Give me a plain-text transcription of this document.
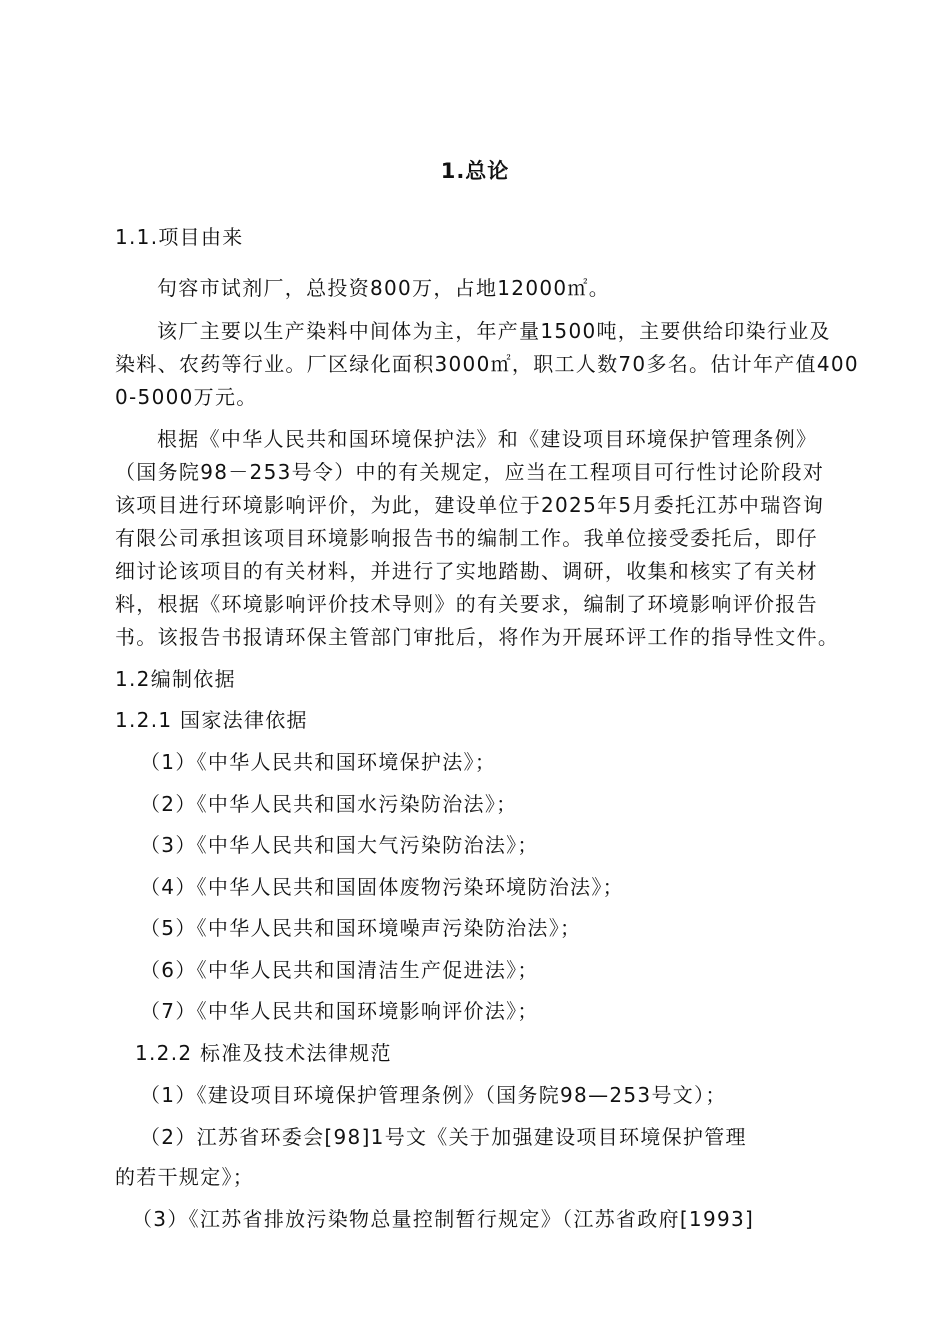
1.总论
1.1.项目由来
句容市试剂厂，总投资800万，占地12000㎡。
该厂主要以生产染料中间体为主，年产量1500吨，主要供给印染行业及
染料、农药等行业。厂区绿化面积3000㎡，职工人数70多名。估计年产值400
0-5000万元。
根据《中华人民共和国环境保护法》和《建设项目环境保护管理条例》
（国务院98－253号令）中的有关规定，应当在工程项目可行性讨论阶段对
该项目进行环境影响评价，为此，建设单位于2025年5月委托江苏中瑞咨询
有限公司承担该项目环境影响报告书的编制工作。我单位接受委托后，即仔
细讨论该项目的有关材料，并进行了实地踏勘、调研，收集和核实了有关材
料，根据《环境影响评价技术导则》的有关要求，编制了环境影响评价报告
书。该报告书报请环保主管部门审批后，将作为开展环评工作的指导性文件。
1.2编制依据
1.2.1 国家法律依据
（1）《中华人民共和国环境保护法》；
（2）《中华人民共和国水污染防治法》；
（3）《中华人民共和国大气污染防治法》；
（4）《中华人民共和国固体废物污染环境防治法》；
（5）《中华人民共和国环境噪声污染防治法》；
（6）《中华人民共和国清洁生产促进法》；
（7）《中华人民共和国环境影响评价法》；
1.2.2 标准及技术法律规范
（1）《建设项目环境保护管理条例》（国务院98—253号文）；
（2）江苏省环委会[98]1号文《关于加强建设项目环境保护管理
的若干规定》；
（3）《江苏省排放污染物总量控制暂行规定》（江苏省政府[1993]
